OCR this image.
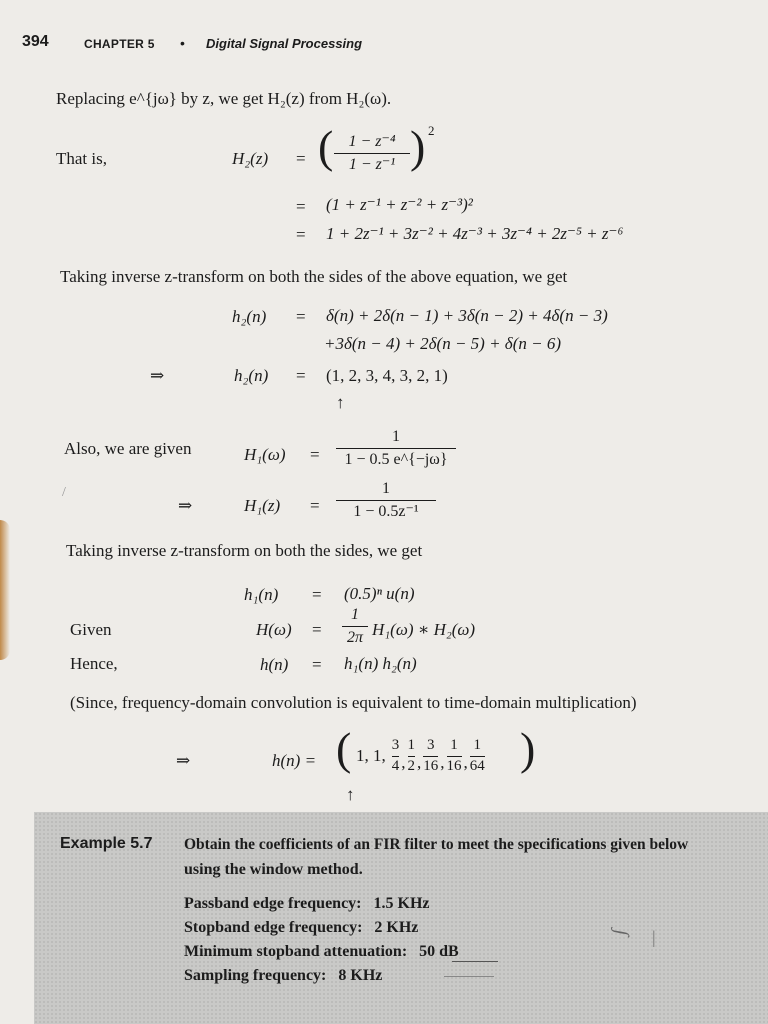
394	CHAPTER 5 • Digital Signal Processing
Replacing e^{jω} by z, we get H₂(z) from H₂(ω).
That is,	H₂(z) = ( 1 − z⁻⁴
1 − z⁻¹ ) 2
= (1 + z⁻¹ + z⁻² + z⁻³)²
= 1 + 2z⁻¹ + 3z⁻² + 4z⁻³ + 3z⁻⁴ + 2z⁻⁵ + z⁻⁶
Taking inverse z-transform on both the sides of the above equation, we get
h₂(n) = δ(n) + 2δ(n − 1) + 3δ(n − 2) + 4δ(n − 3)
+3δ(n − 4) + 2δ(n − 5) + δ(n − 6)
⇒	h₂(n) = (1, 2, 3, 4, 3, 2, 1)
↑
Also, we are given	H₁(ω) =
1
1 − 0.5 e^{−jω}
/
⇒	H₁(z) =
1
1 − 0.5z⁻¹
Taking inverse z-transform on both the sides, we get
h₁(n) = (0.5)ⁿ u(n)
Given	H(ω) =
1
2π H₁(ω) ∗ H₂(ω)
Hence,	h(n) = h₁(n) h₂(n)
(Since, frequency-domain convolution is equivalent to time-domain multiplication)
⇒	h(n) = ( 1, 1,
3
4 ,
1
2 ,
3
16 ,
1
16 ,
1
64 )
↑
Example 5.7 Obtain the coefficients of an FIR filter to meet the specifications given below
using the window method.
Passband edge frequency: 1.5 KHz
Stopband edge frequency: 2 KHz
Minimum stopband attenuation: 50 dB
Sampling frequency: 8 KHz
∫ |
